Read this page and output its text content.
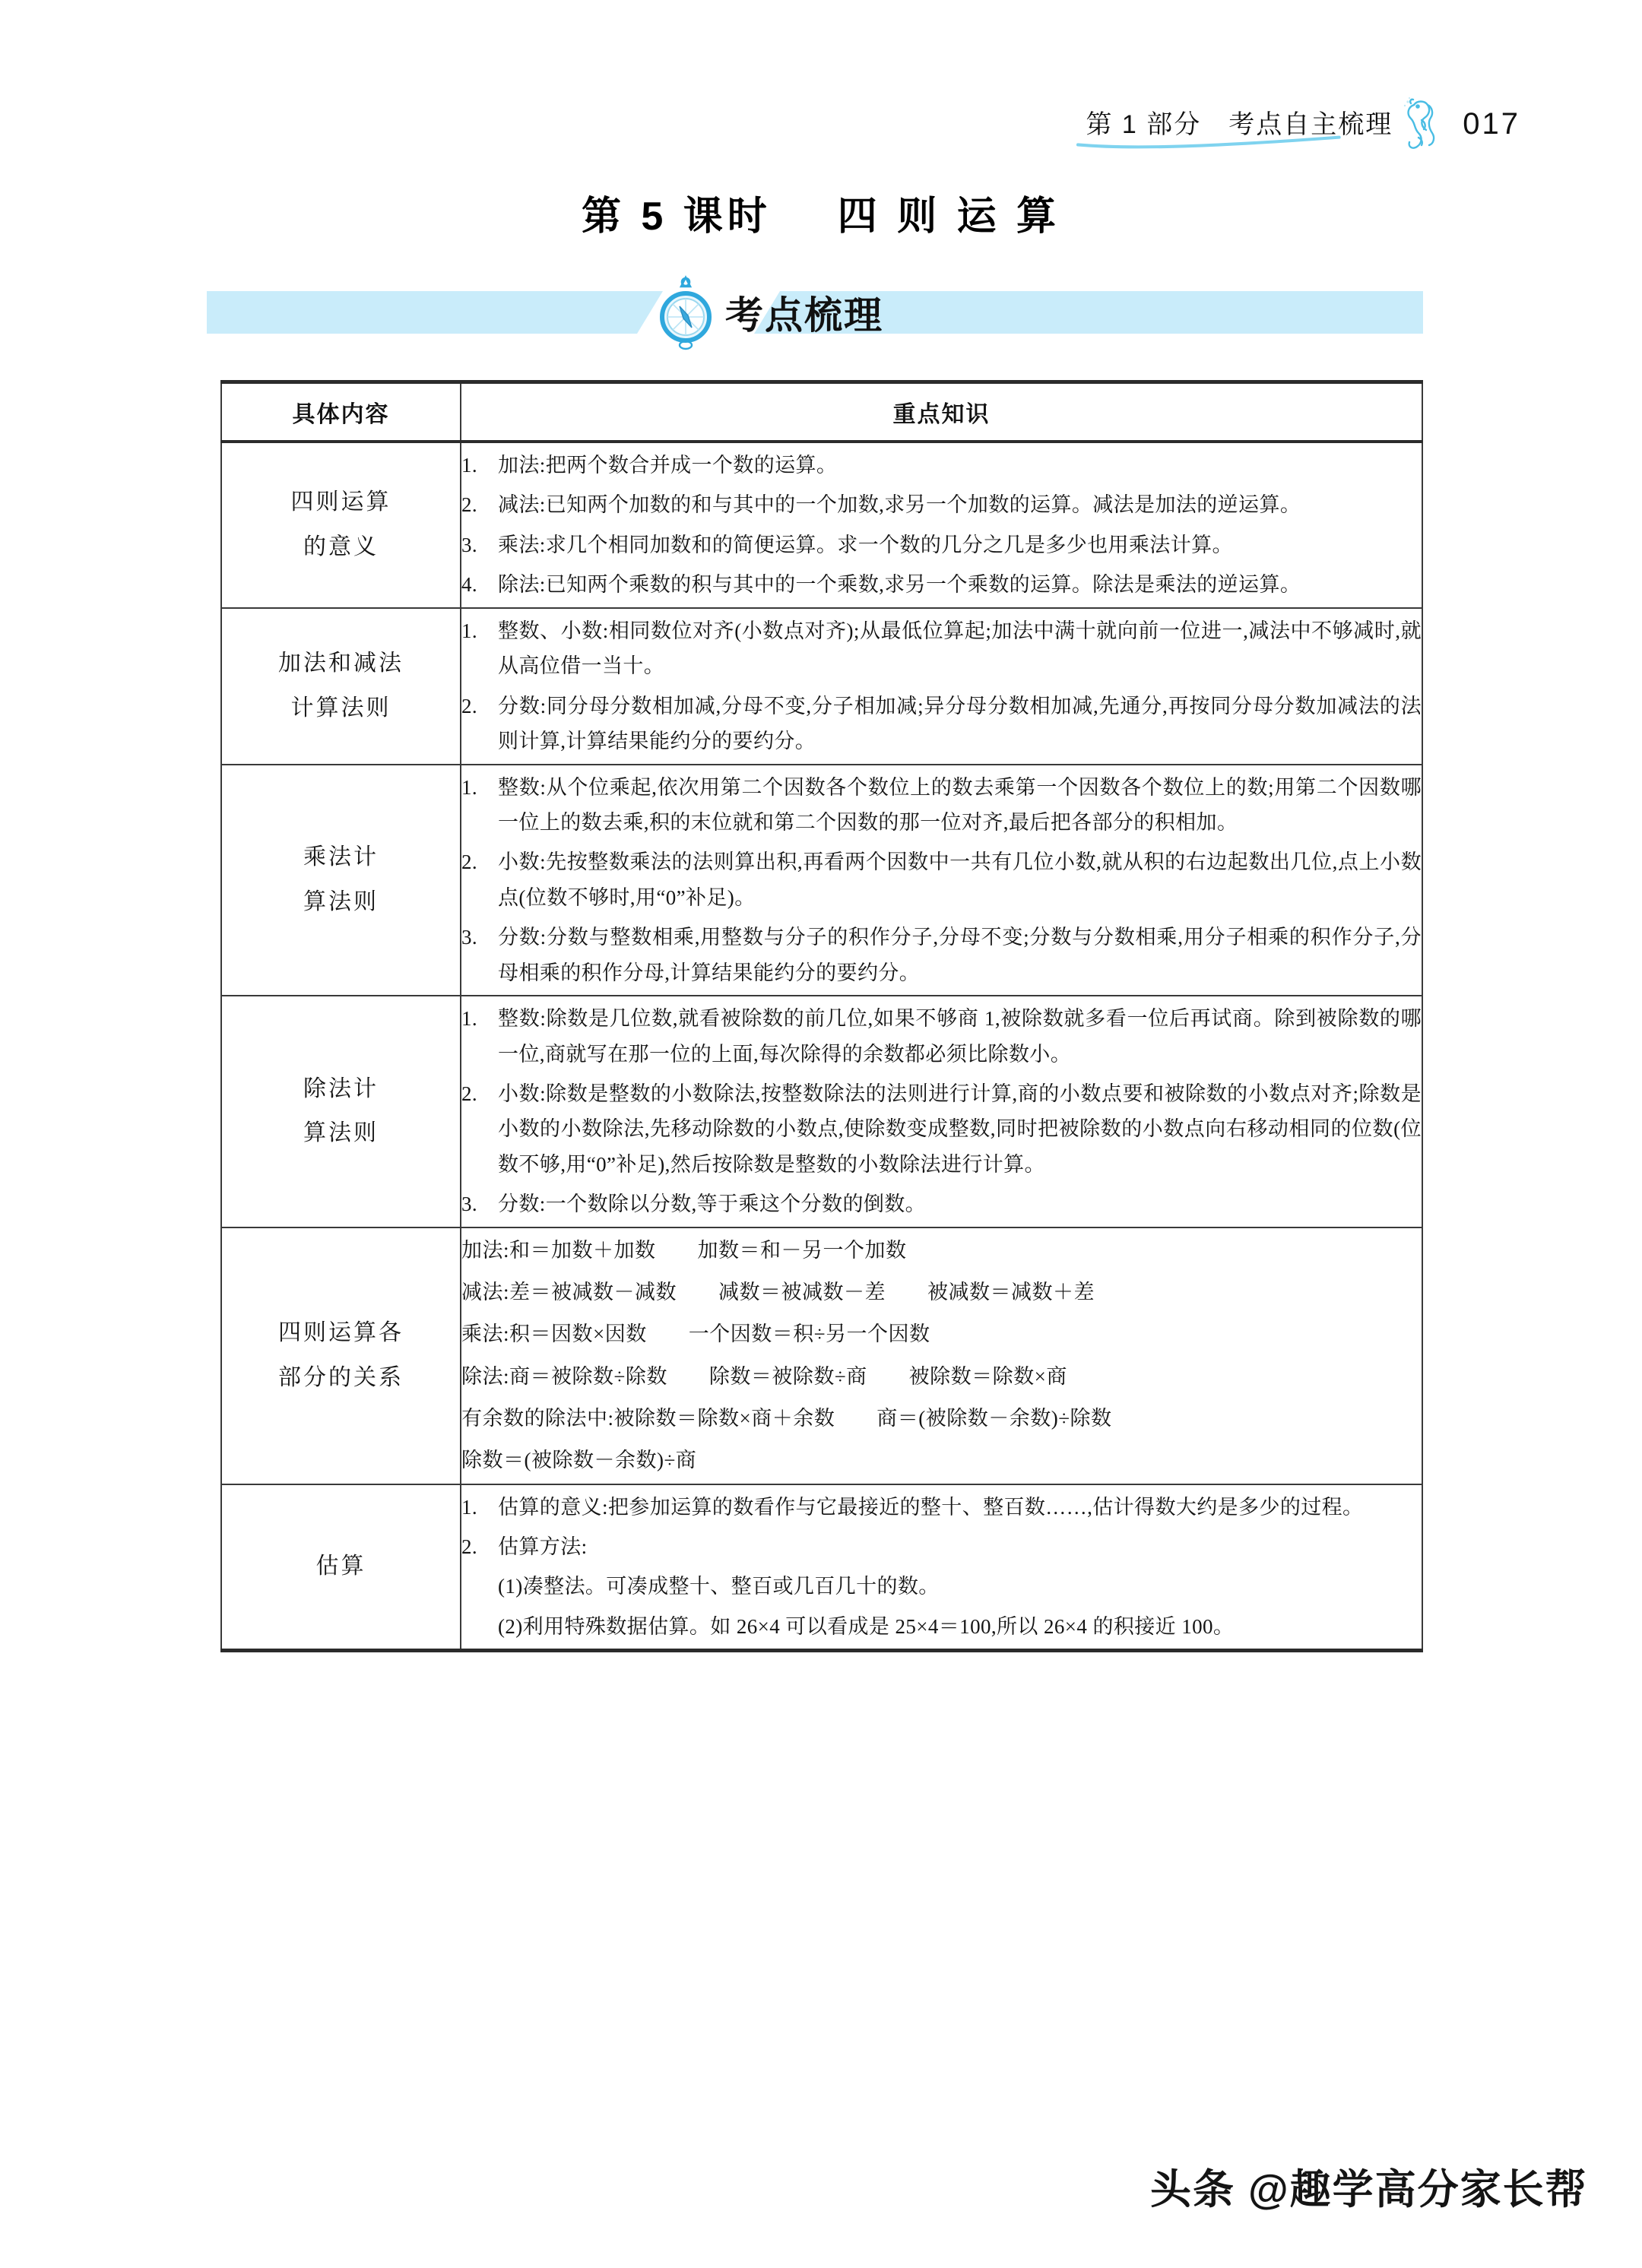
第 1 部分　考点自主梳理 017
第 5 课时 四 则 运 算
考点梳理
具体内容	重点知识

四则运算
的意义

1. 加法:把两个数合并成一个数的运算。
2. 减法:已知两个加数的和与其中的一个加数,求另一个加数的运算。减法是加法的逆运算。
3. 乘法:求几个相同加数和的简便运算。求一个数的几分之几是多少也用乘法计算。
4. 除法:已知两个乘数的积与其中的一个乘数,求另一个乘数的运算。除法是乘法的逆运算。

加法和减法
计算法则

1. 整数、小数:相同数位对齐(小数点对齐);从最低位算起;加法中满十就向前一位进一,减法中不够减时,就从高位借一当十。
2. 分数:同分母分数相加减,分母不变,分子相加减;异分母分数相加减,先通分,再按同分母分数加减法的法则计算,计算结果能约分的要约分。

乘法计
算法则

1. 整数:从个位乘起,依次用第二个因数各个数位上的数去乘第一个因数各个数位上的数;用第二个因数哪一位上的数去乘,积的末位就和第二个因数的那一位对齐,最后把各部分的积相加。
2. 小数:先按整数乘法的法则算出积,再看两个因数中一共有几位小数,就从积的右边起数出几位,点上小数点(位数不够时,用“0”补足)。
3. 分数:分数与整数相乘,用整数与分子的积作分子,分母不变;分数与分数相乘,用分子相乘的积作分子,分母相乘的积作分母,计算结果能约分的要约分。

除法计
算法则

1. 整数:除数是几位数,就看被除数的前几位,如果不够商 1,被除数就多看一位后再试商。除到被除数的哪一位,商就写在那一位的上面,每次除得的余数都必须比除数小。
2. 小数:除数是整数的小数除法,按整数除法的法则进行计算,商的小数点要和被除数的小数点对齐;除数是小数的小数除法,先移动除数的小数点,使除数变成整数,同时把被除数的小数点向右移动相同的位数(位数不够,用“0”补足),然后按除数是整数的小数除法进行计算。
3. 分数:一个数除以分数,等于乘这个分数的倒数。

四则运算各
部分的关系

加法:和＝加数＋加数　　加数＝和－另一个加数
减法:差＝被减数－减数　　减数＝被减数－差　　被减数＝减数＋差
乘法:积＝因数×因数　　一个因数＝积÷另一个因数
除法:商＝被除数÷除数　　除数＝被除数÷商　　被除数＝除数×商
有余数的除法中:被除数＝除数×商＋余数　　商＝(被除数－余数)÷除数
除数＝(被除数－余数)÷商

估算

1. 估算的意义:把参加运算的数看作与它最接近的整十、整百数……,估计得数大约是多少的过程。
2. 估算方法:
(1)凑整法。可凑成整十、整百或几百几十的数。
(2)利用特殊数据估算。如 26×4 可以看成是 25×4＝100,所以 26×4 的积接近 100。
头条 @趣学高分家长帮
